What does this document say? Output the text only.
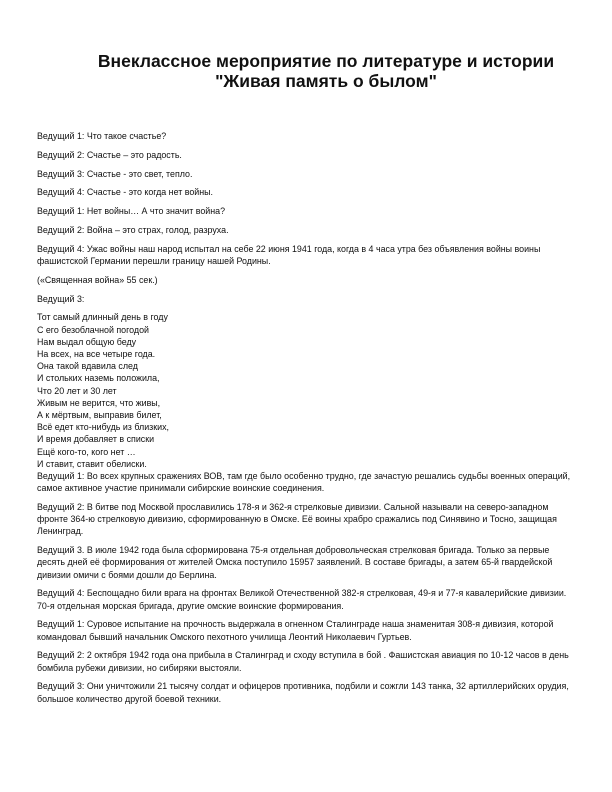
Внеклассное мероприятие по литературе и истории
"Живая память о былом"

Ведущий 1: Что такое счастье?

Ведущий 2: Счастье – это радость.

Ведущий 3: Счастье - это свет, тепло.

Ведущий 4: Счастье - это когда нет войны.

Ведущий 1: Нет войны… А что значит война?

Ведущий 2: Война – это страх, голод, разруха.

Ведущий 4: Ужас войны наш народ испытал на себе 22 июня 1941 года, когда в 4 часа утра без объявления войны воины фашистской Германии перешли границу нашей Родины.

(«Священная война» 55 сек.)

Ведущий 3:

Тот самый длинный день в году
С его безоблачной погодой
Нам выдал общую беду
На всех, на все четыре года.
Она такой вдавила след
И стольких наземь положила,
Что 20 лет и 30 лет
Живым не верится, что живы,
А к мёртвым, выправив билет,
Всё едет кто-нибудь из близких,
И время добавляет в списки
Ещё кого-то, кого нет …
И ставит, ставит обелиски.

Ведущий 1: Во всех крупных сражениях ВОВ, там где было особенно трудно, где зачастую решались судьбы военных операций, самое активное участие принимали сибирские воинские соединения.

Ведущий 2: В битве под Москвой прославились 178-я и 362-я стрелковые дивизии. Сальной называли на северо-западном фронте 364-ю стрелковую дивизию, сформированную в Омске. Её воины храбро сражались под Синявино и Тосно, защищая Ленинград.

Ведущий 3. В июле 1942 года была сформирована 75-я отдельная добровольческая стрелковая бригада. Только за первые десять дней её формирования от жителей Омска поступило 15957 заявлений. В составе бригады, а затем 65-й гвардейской дивизии омичи с боями дошли до Берлина.

Ведущий 4: Беспощадно били врага на фронтах Великой Отечественной 382-я стрелковая, 49-я и 77-я кавалерийские дивизии. 70-я отдельная морская бригада, другие омские воинские формирования.

Ведущий 1: Суровое испытание на прочность выдержала в огненном Сталинграде наша знаменитая 308-я дивизия, которой командовал бывший начальник Омского пехотного училища Леонтий Николаевич Гуртьев.

Ведущий 2: 2 октября 1942 года она прибыла в Сталинград и сходу вступила в бой . Фашистская авиация по 10-12 часов в день бомбила рубежи дивизии, но сибиряки выстояли.

Ведущий 3: Они уничтожили 21 тысячу солдат и офицеров противника, подбили и сожгли 143 танка, 32 артиллерийских орудия, большое количество другой боевой техники.
